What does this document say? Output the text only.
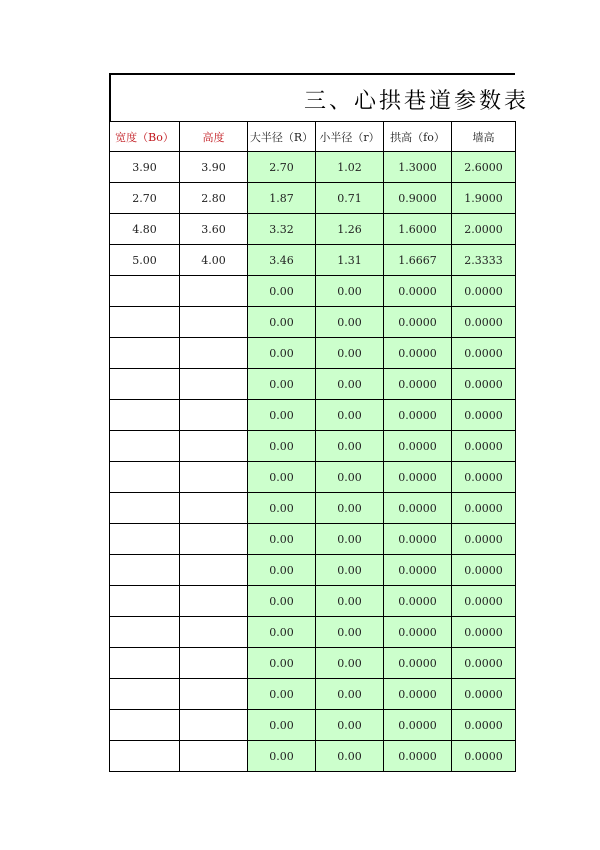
三、心拱巷道参数表
宽度（Bo）	高度	大半径（R）	小半径（r）	拱高（fo）	墙高
3.90	3.90	2.70	1.02	1.3000	2.6000
2.70	2.80	1.87	0.71	0.9000	1.9000
4.80	3.60	3.32	1.26	1.6000	2.0000
5.00	4.00	3.46	1.31	1.6667	2.3333
		0.00	0.00	0.0000	0.0000
		0.00	0.00	0.0000	0.0000
		0.00	0.00	0.0000	0.0000
		0.00	0.00	0.0000	0.0000
		0.00	0.00	0.0000	0.0000
		0.00	0.00	0.0000	0.0000
		0.00	0.00	0.0000	0.0000
		0.00	0.00	0.0000	0.0000
		0.00	0.00	0.0000	0.0000
		0.00	0.00	0.0000	0.0000
		0.00	0.00	0.0000	0.0000
		0.00	0.00	0.0000	0.0000
		0.00	0.00	0.0000	0.0000
		0.00	0.00	0.0000	0.0000
		0.00	0.00	0.0000	0.0000
		0.00	0.00	0.0000	0.0000
